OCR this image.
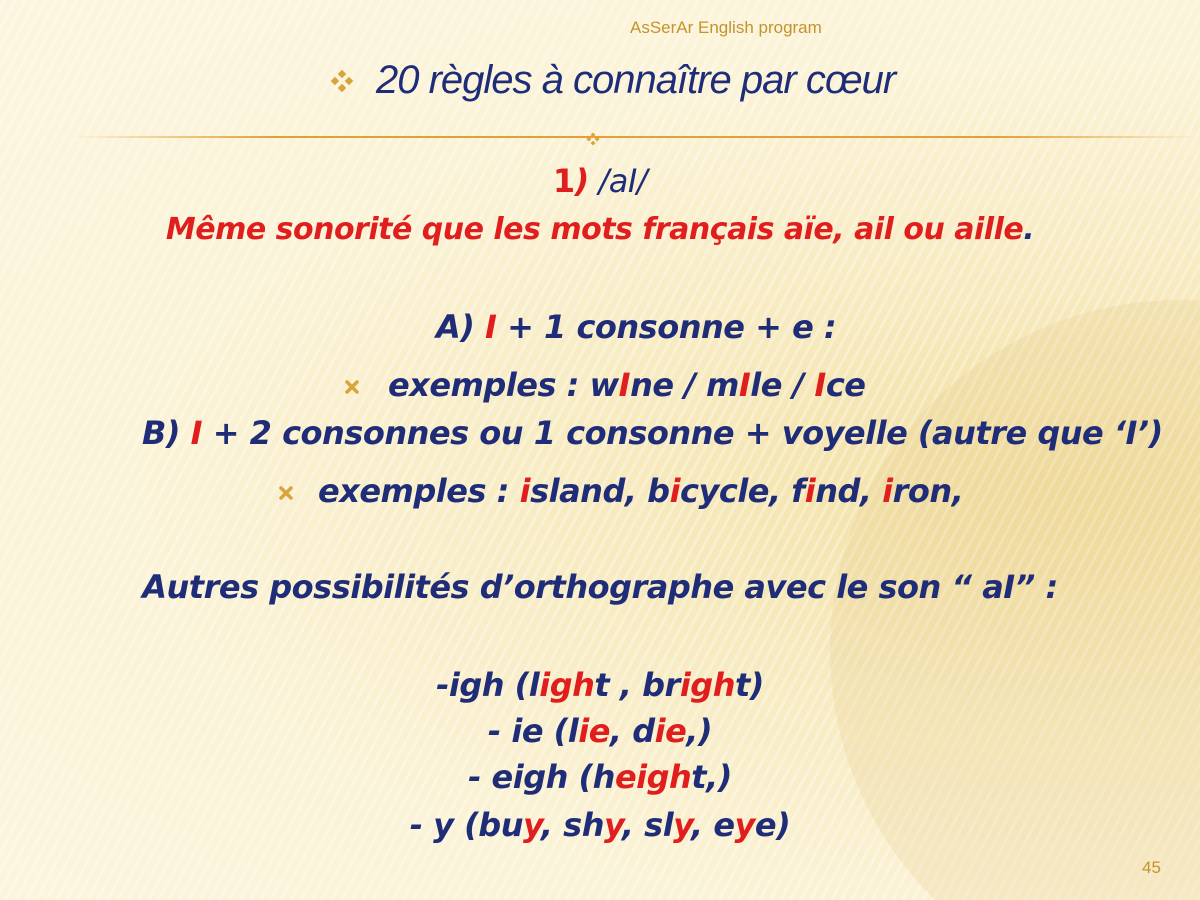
AsSerAr English program
20 règles à connaître par cœur
1) /aI/
Même sonorité que les mots français aïe, ail ou aille.
A) I + 1 consonne + e :
exemples : wIne / mIle / Ice
B) I + 2 consonnes ou 1 consonne + voyelle (autre que ‘I’)
exemples : island, bicycle, find, iron,
Autres possibilités d’orthographe avec le son “ aI” :
-igh (light , bright)
- ie (lie, die,)
- eigh (height,)
- y (buy, shy, sly, eye)
45
